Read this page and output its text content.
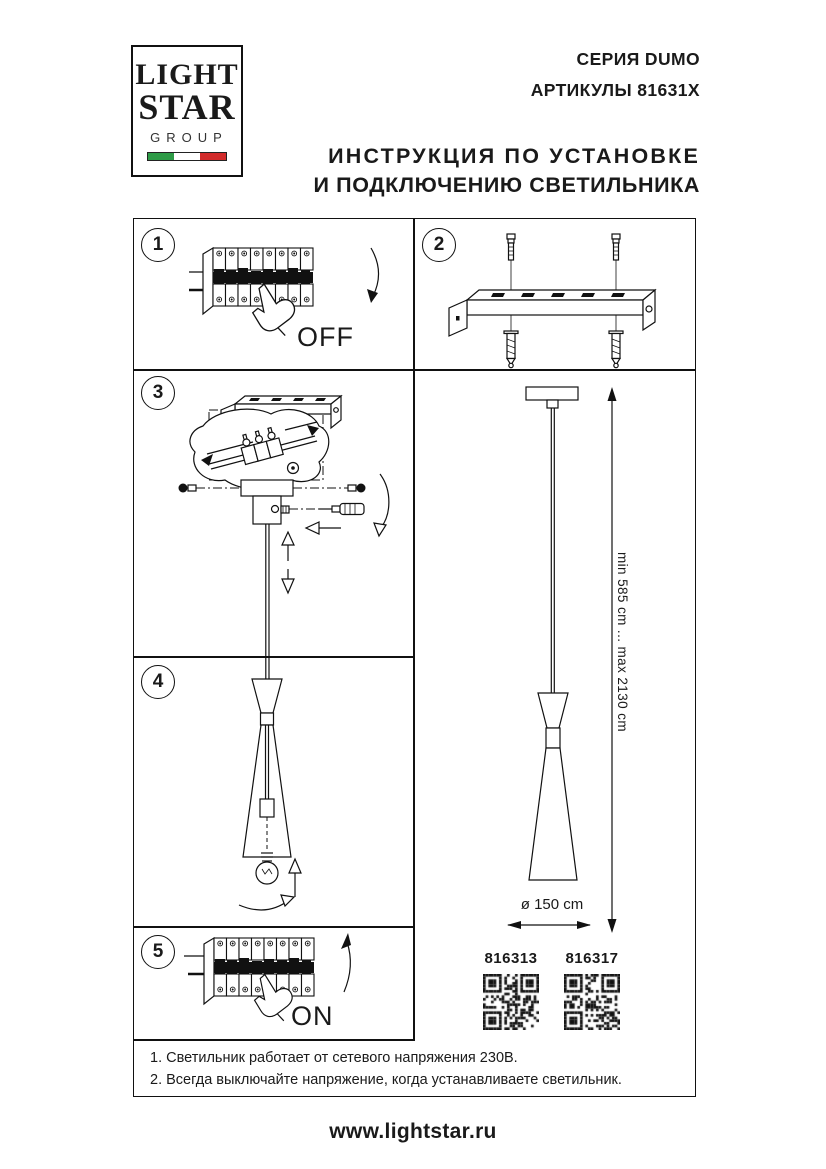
LIGHT
STAR
GROUP
СЕРИЯ DUMO
АРТИКУЛЫ 81631X
ИНСТРУКЦИЯ ПО УСТАНОВКЕ
И ПОДКЛЮЧЕНИЮ СВЕТИЛЬНИКА
1	2
3
4
5
OFF
ON
min 585 cm ... max 2130 cm
ø 150 cm
816313 816317
1. Светильник работает от сетевого напряжения 230В.
2. Всегда выключайте напряжение, когда устанавливаете светильник.
www.lightstar.ru
